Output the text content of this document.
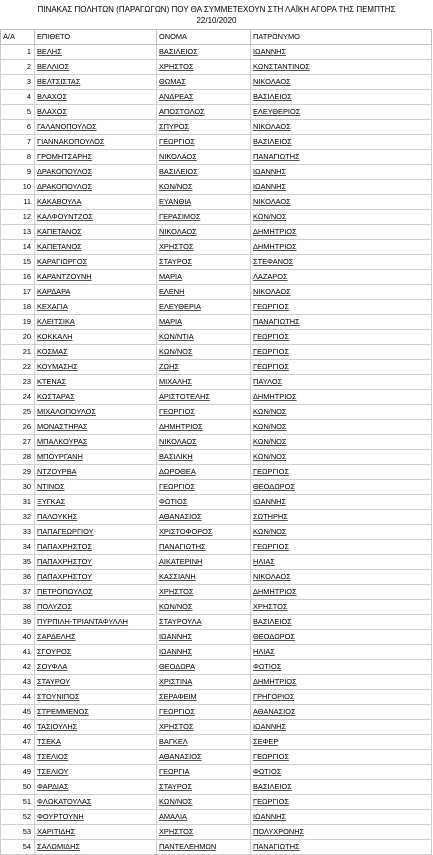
ΠΙΝΑΚΑΣ ΠΟΛΗΤΩΝ (ΠΑΡΑΓΩΓΩΝ) ΠΟΥ ΘΑ ΣΥΜΜΕΤΕΧΟΥΝ ΣΤΗ ΛΑΪΚΗ ΑΓΟΡΑ ΤΗΣ ΠΕΜΠΤΗΣ
22/10/2020
Α/Α	ΕΠΙΘΕΤΟ	ΟΝΟΜΑ	ΠΑΤΡΩΝΥΜΟ
1	ΒΕΛΗΣ	ΒΑΣΙΛΕΙΟΣ	ΙΩΑΝΝΗΣ
2	ΒΕΛΛΙΟΣ	ΧΡΗΣΤΟΣ	ΚΩΝΣΤΑΝΤΙΝΟΣ
3	ΒΕΛΤΣΙΣΤΑΣ	ΘΩΜΑΣ	ΝΙΚΟΛΑΟΣ
4	ΒΛΑΧΟΣ	ΑΝΔΡΕΑΣ	ΒΑΣΙΛΕΙΟΣ
5	ΒΛΑΧΟΣ	ΑΠΟΣΤΟΛΟΣ	ΕΛΕΥΘΕΡΙΟΣ
6	ΓΑΛΑΝΟΠΟΥΛΟΣ	ΣΠΥΡΟΣ	ΝΙΚΟΛΑΟΣ
7	ΓΙΑΝΝΑΚΟΠΟΥΛΟΣ	ΓΕΩΡΓΙΟΣ	ΒΑΣΙΛΕΙΟΣ
8	ΓΡΟΜΗΤΣΑΡΗΣ	ΝΙΚΟΛΑΟΣ	ΠΑΝΑΓΙΩΤΗΣ
9	ΔΡΑΚΟΠΟΥΛΟΣ	ΒΑΣΙΛΕΙΟΣ	ΙΩΑΝΝΗΣ
10	ΔΡΑΚΟΠΟΥΛΟΣ	ΚΩΝ/ΝΟΣ	ΙΩΑΝΝΗΣ
11	ΚΑΚΑΒΟΥΛΑ	ΕΥΑΝΘΙΑ	ΝΙΚΟΛΑΟΣ
12	ΚΑΛΦΟΥΝΤΖΟΣ	ΓΕΡΑΣΙΜΟΣ	ΚΩΝ/ΝΟΣ
13	ΚΑΠΕΤΑΝΟΣ	ΝΙΚΟΛΑΟΣ	ΔΗΜΗΤΡΙΟΣ
14	ΚΑΠΕΤΑΝΟΣ	ΧΡΗΣΤΟΣ	ΔΗΜΗΤΡΙΟΣ
15	ΚΑΡΑΓΙΩΡΓΟΣ	ΣΤΑΥΡΟΣ	ΣΤΕΦΑΝΟΣ
16	ΚΑΡΑΝΤΖΟΥΝΗ	ΜΑΡΙΑ	ΛΑΖΑΡΟΣ
17	ΚΑΡΔΑΡΑ	ΕΛΕΝΗ	ΝΙΚΟΛΑΟΣ
18	ΚΕΧΑΓΙΑ	ΕΛΕΥΘΕΡΙΑ	ΓΕΩΡΓΙΟΣ
19	ΚΛΕΙΤΣΙΚΑ	ΜΑΡΙΑ	ΠΑΝΑΓΙΩΤΗΣ
20	ΚΟΚΚΑΛΗ	ΚΩΝ/ΝΤΙΑ	ΓΕΩΡΓΙΟΣ
21	ΚΟΣΜΑΣ	ΚΩΝ/ΝΟΣ	ΓΕΩΡΓΙΟΣ
22	ΚΟΥΜΑΣΗΣ	ΖΩΗΣ	ΓΕΩΡΓΙΟΣ
23	ΚΤΕΝΑΣ	ΜΙΧΑΛΗΣ	ΠΑΥΛΟΣ
24	ΚΩΣΤΑΡΑΣ	ΑΡΙΣΤΟΤΕΛΗΣ	ΔΗΜΗΤΡΙΟΣ
25	ΜΙΧΑΛΟΠΟΥΛΟΣ	ΓΕΩΡΓΙΟΣ	ΚΩΝ/ΝΟΣ
26	ΜΟΝΑΣΤΗΡΑΣ	ΔΗΜΗΤΡΙΟΣ	ΚΩΝ/ΝΟΣ
27	ΜΠΑΛΚΟΥΡΑΣ	ΝΙΚΟΛΑΟΣ	ΚΩΝ/ΝΟΣ
28	ΜΠΟΥΡΓΑΝΗ	ΒΑΣΙΛΙΚΗ	ΚΩΝ/ΝΟΣ
29	ΝΤΖΟΥΡΒΑ	ΔΩΡΟΘΕΑ	ΓΕΩΡΓΙΟΣ
30	ΝΤΙΝΟΣ	ΓΕΩΡΓΙΟΣ	ΘΕΟΔΩΡΟΣ
31	ΞΥΓΚΑΣ	ΦΩΤΙΟΣ	ΙΩΑΝΝΗΣ
32	ΠΑΛΟΥΚΗΣ	ΑΘΑΝΑΣΙΟΣ	ΣΩΤΗΡΗΣ
33	ΠΑΠΑΓΕΩΡΓΙΟΥ	ΧΡΙΣΤΟΦΟΡΟΣ	ΚΩΝ/ΝΟΣ
34	ΠΑΠΑΧΡΗΣΤΟΣ	ΠΑΝΑΓΙΩΤΗΣ	ΓΕΩΡΓΙΟΣ
35	ΠΑΠΑΧΡΗΣΤΟΥ	ΑΙΚΑΤΕΡΙΝΗ	ΗΛΙΑΣ
36	ΠΑΠΑΧΡΗΣΤΟΥ	ΚΑΣΣΙΑΝΗ	ΝΙΚΟΛΑΟΣ
37	ΠΕΤΡΟΠΟΥΛΟΣ	ΧΡΗΣΤΟΣ	ΔΗΜΗΤΡΙΟΣ
38	ΠΟΛΥΖΟΣ	ΚΩΝ/ΝΟΣ	ΧΡΗΣΤΟΣ
39	ΠΥΡΠΙΛΗ-ΤΡΙΑΝΤΑΦΥΛΛΗ	ΣΤΑΥΡΟΥΛΑ	ΒΑΣΙΛΕΙΟΣ
40	ΣΑΡΔΕΛΗΣ	ΙΩΑΝΝΗΣ	ΘΕΟΔΩΡΟΣ
41	ΣΓΟΥΡΟΣ	ΙΩΑΝΝΗΣ	ΗΛΙΑΣ
42	ΣΟΥΦΛΑ	ΘΕΟΔΩΡΑ	ΦΩΤΙΟΣ
43	ΣΤΑΥΡΟΥ	ΧΡΙΣΤΙΝΑ	ΔΗΜΗΤΡΙΟΣ
44	ΣΤΟΥΝΙΠΟΣ	ΣΕΡΑΦΕΙΜ	ΓΡΗΓΟΡΙΟΣ
45	ΣΤΡΕΜΜΕΝΟΣ	ΓΕΩΡΓΙΟΣ	ΑΘΑΝΑΣΙΟΣ
46	ΤΑΣΙΟΥΛΗΣ	ΧΡΗΣΤΟΣ	ΙΩΑΝΝΗΣ
47	ΤΣΕΚΑ	ΒΑΓΚΕΛ	ΣΕΦΕΡ
48	ΤΣΕΛΙΟΣ	ΑΘΑΝΑΣΙΟΣ	ΓΕΩΡΓΙΟΣ
49	ΤΣΕΛΙΟΥ	ΓΕΩΡΓΙΑ	ΦΩΤΙΟΣ
50	ΦΑΡΔΙΑΣ	ΣΤΑΥΡΟΣ	ΒΑΣΙΛΕΙΟΣ
51	ΦΛΩΚΑΤΟΥΛΑΣ	ΚΩΝ/ΝΟΣ	ΓΕΩΡΓΙΟΣ
52	ΦΟΥΡΤΟΥΝΗ	ΑΜΑΛΙΑ	ΙΩΑΝΝΗΣ
53	ΧΑΡΙΤΙΔΗΣ	ΧΡΗΣΤΟΣ	ΠΟΛΥΧΡΟΝΗΣ
54	ΣΑΛΩΜΙΔΗΣ	ΠΑΝΤΕΛΕΗΜΩΝ	ΠΑΝΑΓΙΩΤΗΣ
